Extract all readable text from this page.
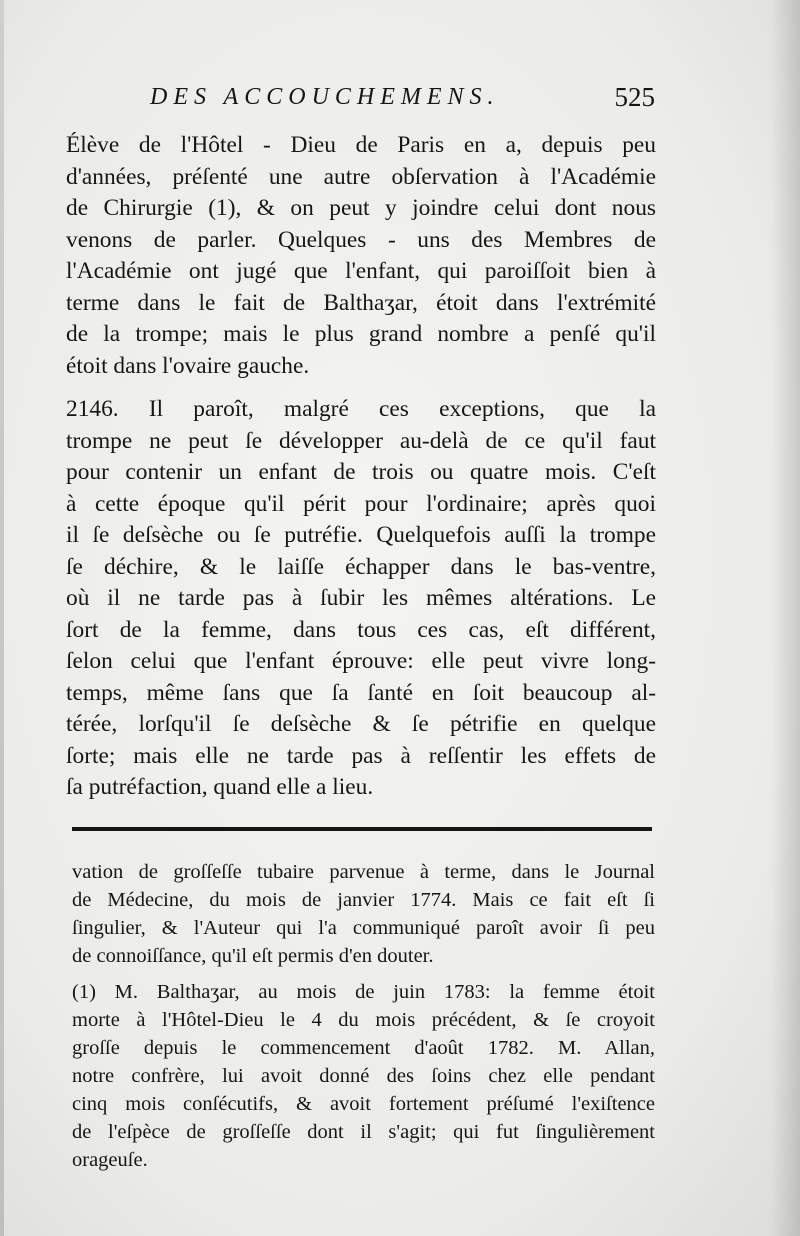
DES ACCOUCHEMENS.	525

Élève de l'Hôtel - Dieu de Paris en a, depuis peu
d'années, préſenté une autre obſervation à l'Académie
de Chirurgie (1), & on peut y joindre celui dont nous
venons de parler. Quelques - uns des Membres de
l'Académie ont jugé que l'enfant, qui paroiſſoit bien à
terme dans le fait de Balthaʒar, étoit dans l'extrémité
de la trompe; mais le plus grand nombre a penſé qu'il
étoit dans l'ovaire gauche.

2146. Il paroît, malgré ces exceptions, que la
trompe ne peut ſe développer au-delà de ce qu'il faut
pour contenir un enfant de trois ou quatre mois. C'eſt
à cette époque qu'il périt pour l'ordinaire; après quoi
il ſe deſsèche ou ſe putréfie. Quelquefois auſſi la trompe
ſe déchire, & le laiſſe échapper dans le bas-ventre,
où il ne tarde pas à ſubir les mêmes altérations. Le
ſort de la femme, dans tous ces cas, eſt différent,
ſelon celui que l'enfant éprouve: elle peut vivre long-
temps, même ſans que ſa ſanté en ſoit beaucoup al-
térée, lorſqu'il ſe deſsèche & ſe pétrifie en quelque
ſorte; mais elle ne tarde pas à reſſentir les effets de
ſa putréfaction, quand elle a lieu.

vation de groſſeſſe tubaire parvenue à terme, dans le Journal
de Médecine, du mois de janvier 1774. Mais ce fait eſt ſi
ſingulier, & l'Auteur qui l'a communiqué paroît avoir ſi peu
de connoiſſance, qu'il eſt permis d'en douter.
(1) M. Balthaʒar, au mois de juin 1783: la femme étoit
morte à l'Hôtel-Dieu le 4 du mois précédent, & ſe croyoit
groſſe depuis le commencement d'août 1782. M. Allan,
notre confrère, lui avoit donné des ſoins chez elle pendant
cinq mois conſécutifs, & avoit fortement préſumé l'exiſtence
de l'eſpèce de groſſeſſe dont il s'agit; qui fut ſingulièrement
orageuſe.
